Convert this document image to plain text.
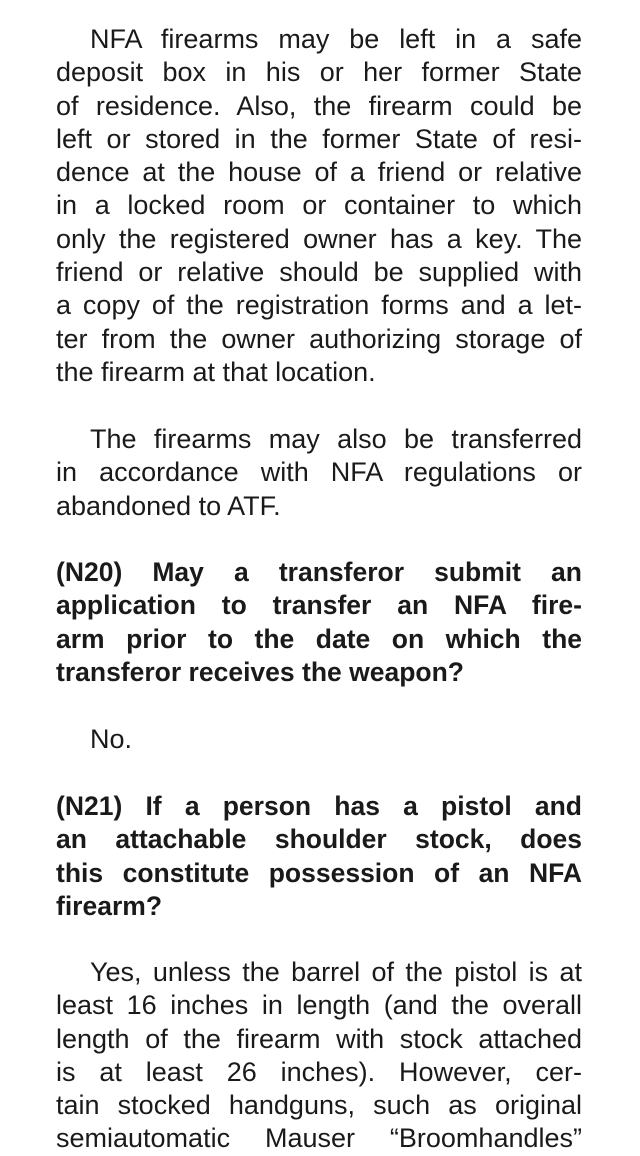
NFA firearms may be left in a safe
deposit box in his or her former State
of residence. Also, the firearm could be
left or stored in the former State of resi-
dence at the house of a friend or relative
in a locked room or container to which
only the registered owner has a key. The
friend or relative should be supplied with
a copy of the registration forms and a let-
ter from the owner authorizing storage of
the firearm at that location.
The firearms may also be transferred
in accordance with NFA regulations or
abandoned to ATF.
(N20) May a transferor submit an
application to transfer an NFA fire-
arm prior to the date on which the
transferor receives the weapon?
No.
(N21) If a person has a pistol and
an attachable shoulder stock, does
this constitute possession of an NFA
firearm?
Yes, unless the barrel of the pistol is at
least 16 inches in length (and the overall
length of the firearm with stock attached
is at least 26 inches). However, cer-
tain stocked handguns, such as original
semiautomatic Mauser “Broomhandles”
